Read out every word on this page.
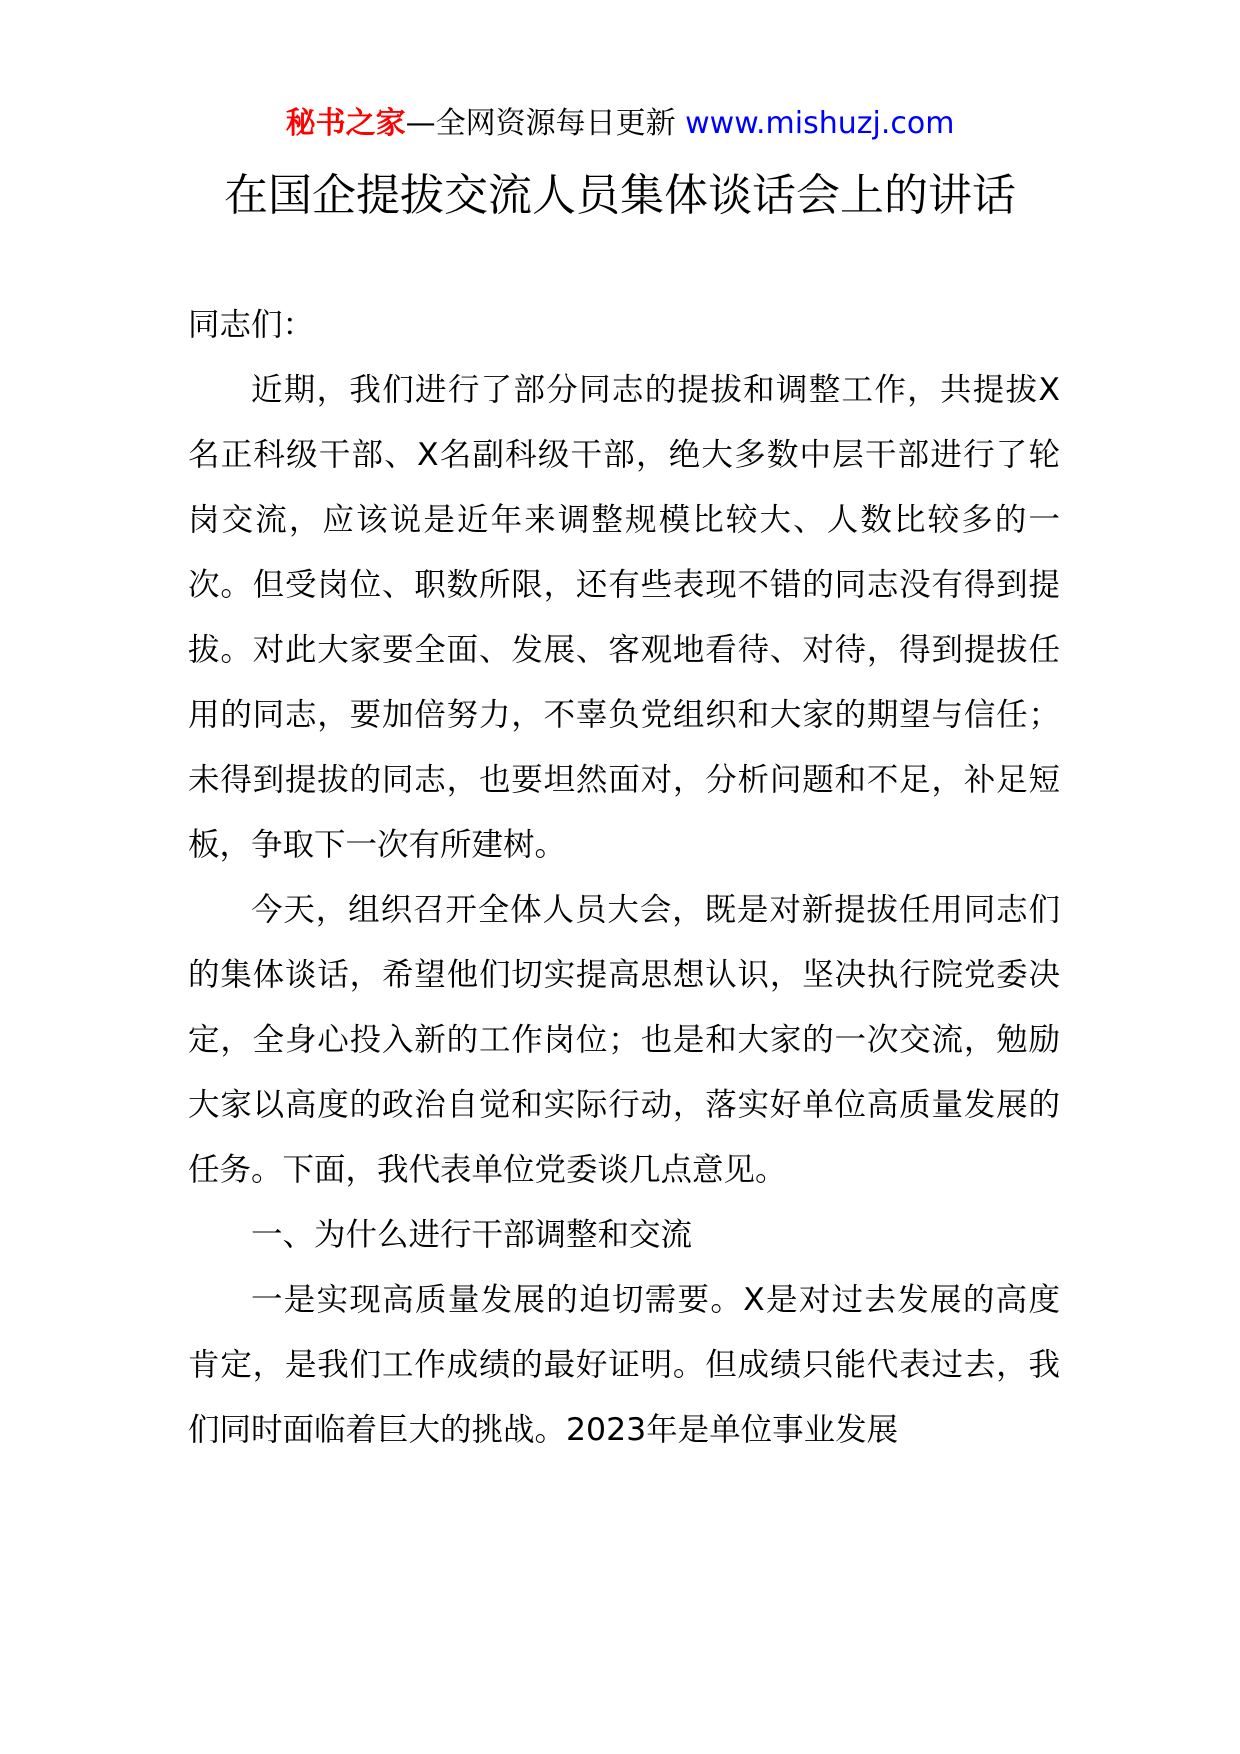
秘书之家—全网资源每日更新 www.mishuzj.com
在国企提拔交流人员集体谈话会上的讲话

同志们：

近期，我们进行了部分同志的提拔和调整工作，共提拔X名正科级干部、X名副科级干部，绝大多数中层干部进行了轮岗交流，应该说是近年来调整规模比较大、人数比较多的一次。但受岗位、职数所限，还有些表现不错的同志没有得到提拔。对此大家要全面、发展、客观地看待、对待，得到提拔任用的同志，要加倍努力，不辜负党组织和大家的期望与信任；未得到提拔的同志，也要坦然面对，分析问题和不足，补足短板，争取下一次有所建树。

今天，组织召开全体人员大会，既是对新提拔任用同志们的集体谈话，希望他们切实提高思想认识，坚决执行院党委决定，全身心投入新的工作岗位；也是和大家的一次交流，勉励大家以高度的政治自觉和实际行动，落实好单位高质量发展的任务。下面，我代表单位党委谈几点意见。

一、为什么进行干部调整和交流

一是实现高质量发展的迫切需要。X是对过去发展的高度肯定，是我们工作成绩的最好证明。但成绩只能代表过去，我们同时面临着巨大的挑战。2023年是单位事业发展
